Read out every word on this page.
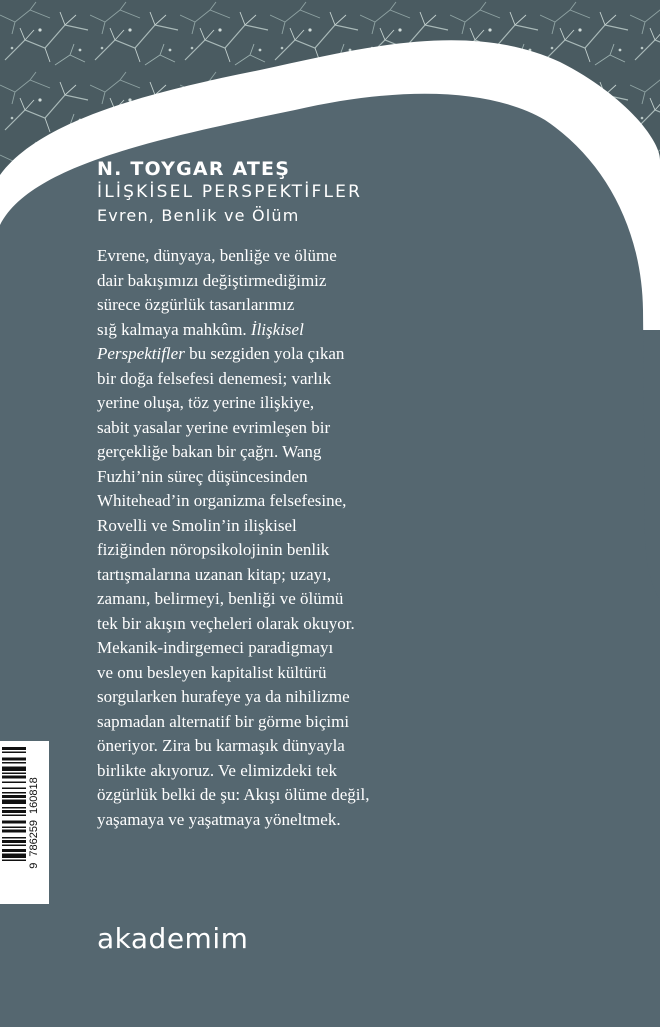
N. TOYGAR ATEŞ
İLİŞKİSEL PERSPEKTİFLER
Evren, Benlik ve Ölüm

Evrene, dünyaya, benliğe ve ölüme
dair bakışımızı değiştirmediğimiz
sürece özgürlük tasarılarımız
sığ kalmaya mahkûm. İlişkisel
Perspektifler bu sezgiden yola çıkan
bir doğa felsefesi denemesi; varlık
yerine oluşa, töz yerine ilişkiye,
sabit yasalar yerine evrimleşen bir
gerçekliğe bakan bir çağrı. Wang
Fuzhi’nin süreç düşüncesinden
Whitehead’in organizma felsefesine,
Rovelli ve Smolin’in ilişkisel
fiziğinden nöropsikolojinin benlik
tartışmalarına uzanan kitap; uzayı,
zamanı, belirmeyi, benliği ve ölümü
tek bir akışın veçheleri olarak okuyor.
Mekanik-indirgemeci paradigmayı
ve onu besleyen kapitalist kültürü
sorgularken hurafeye ya da nihilizme
sapmadan alternatif bir görme biçimi
öneriyor. Zira bu karmaşık dünyayla
birlikte akıyoruz. Ve elimizdeki tek
özgürlük belki de şu: Akışı ölüme değil,
yaşamaya ve yaşatmaya yöneltmek.

9786259160818
akademim
